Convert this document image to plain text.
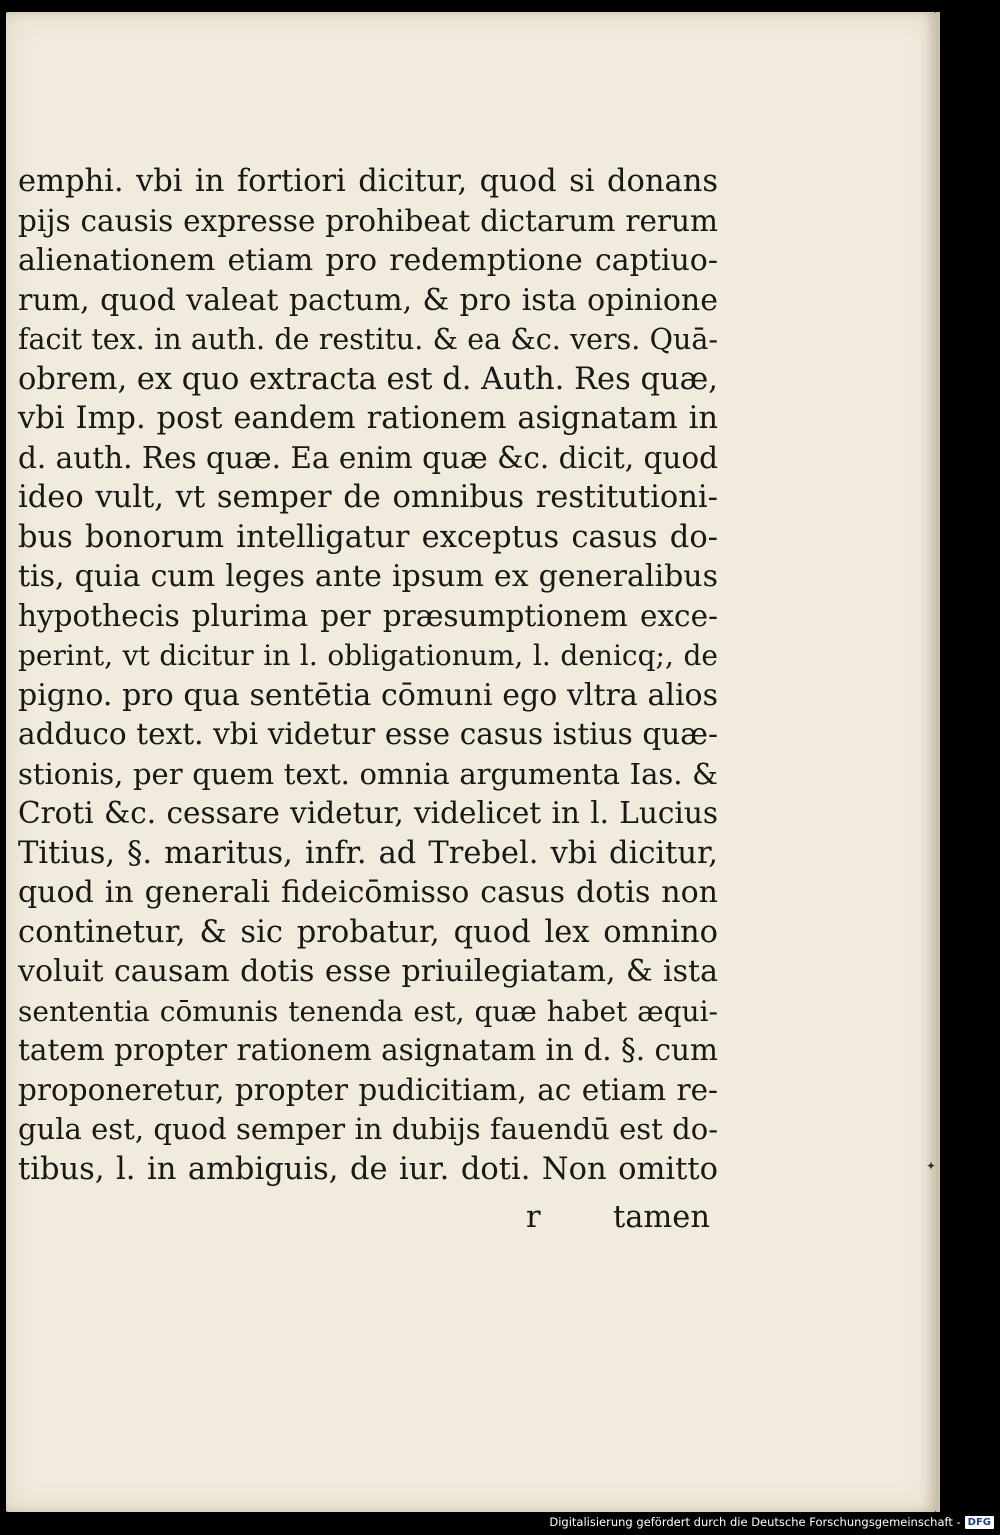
emphi. vbi in fortiori dicitur, quod si donans
pijs causis expresse prohibeat dictarum rerum
alienationem etiam pro redemptione captiuo-
rum, quod valeat pactum, & pro ista opinione
facit tex. in auth. de restitu. & ea &c. vers. Quā-
obrem, ex quo extracta est d. Auth. Res quæ,
vbi Imp. post eandem rationem asignatam in
d. auth. Res quæ. Ea enim quæ &c. dicit, quod
ideo vult, vt semper de omnibus restitutioni-
bus bonorum intelligatur exceptus casus do-
tis, quia cum leges ante ipsum ex generalibus
hypothecis plurima per præsumptionem exce-
perint, vt dicitur in l. obligationum, l. denicq;, de
pigno. pro qua sentētia cōmuni ego vltra alios
adduco text. vbi videtur esse casus istius quæ-
stionis, per quem text. omnia argumenta Ias. &
Croti &c. cessare videtur, videlicet in l. Lucius
Titius, §. maritus, infr. ad Trebel. vbi dicitur,
quod in generali fideicōmisso casus dotis non
continetur, & sic probatur, quod lex omnino
voluit causam dotis esse priuilegiatam, & ista
sententia cōmunis tenenda est, quæ habet æqui-
tatem propter rationem asignatam in d. §. cum
proponeretur, propter pudicitiam, ac etiam re-
gula est, quod semper in dubijs fauendū est do-
tibus, l. in ambiguis, de iur. doti. Non omitto
r tamen
✦
Digitalisierung gefördert durch die Deutsche Forschungsgemeinschaft - DFG
